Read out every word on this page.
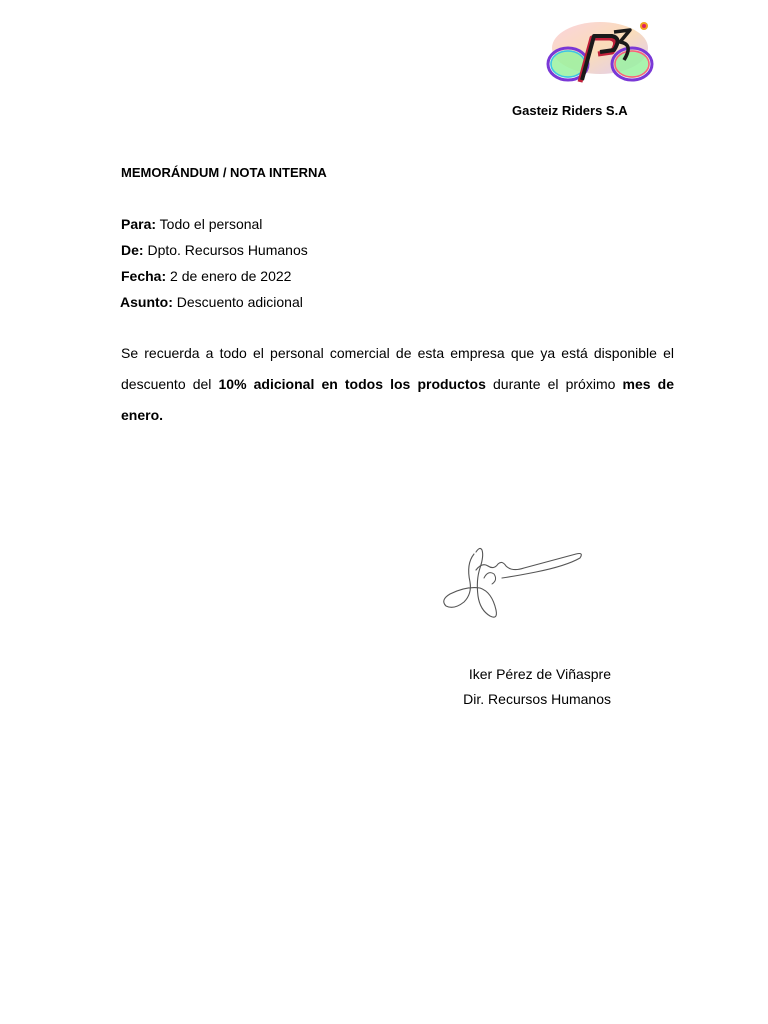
P3
Gasteiz Riders S.A
MEMORÁNDUM / NOTA INTERNA
Para: Todo el personal
De: Dpto. Recursos Humanos
Fecha: 2 de enero de 2022
Asunto: Descuento adicional
Se recuerda a todo el personal comercial de esta empresa que ya está disponible el descuento del 10% adicional en todos los productos durante el próximo mes de enero.
Iker Pérez de Viñaspre
Dir. Recursos Humanos
